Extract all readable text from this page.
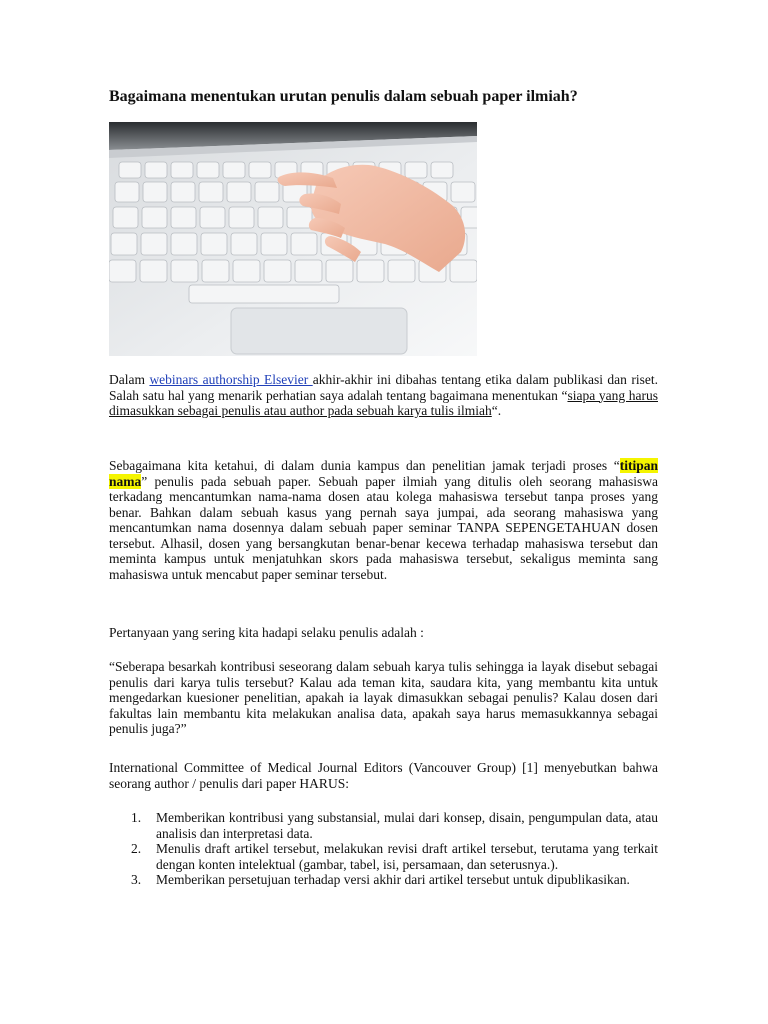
Bagaimana menentukan urutan penulis dalam sebuah paper ilmiah?

Dalam webinars authorship Elsevier akhir-akhir ini dibahas tentang etika dalam publikasi dan riset. Salah satu hal yang menarik perhatian saya adalah tentang bagaimana menentukan “siapa yang harus dimasukkan sebagai penulis atau author pada sebuah karya tulis ilmiah“.

Sebagaimana kita ketahui, di dalam dunia kampus dan penelitian jamak terjadi proses “titipan nama” penulis pada sebuah paper. Sebuah paper ilmiah yang ditulis oleh seorang mahasiswa terkadang mencantumkan nama-nama dosen atau kolega mahasiswa tersebut tanpa proses yang benar. Bahkan dalam sebuah kasus yang pernah saya jumpai, ada seorang mahasiswa yang mencantumkan nama dosennya dalam sebuah paper seminar TANPA SEPENGETAHUAN dosen tersebut. Alhasil, dosen yang bersangkutan benar-benar kecewa terhadap mahasiswa tersebut dan meminta kampus untuk menjatuhkan skors pada mahasiswa tersebut, sekaligus meminta sang mahasiswa untuk mencabut paper seminar tersebut.

Pertanyaan yang sering kita hadapi selaku penulis adalah :

“Seberapa besarkah kontribusi seseorang dalam sebuah karya tulis sehingga ia layak disebut sebagai penulis dari karya tulis tersebut? Kalau ada teman kita, saudara kita, yang membantu kita untuk mengedarkan kuesioner penelitian, apakah ia layak dimasukkan sebagai penulis? Kalau dosen dari fakultas lain membantu kita melakukan analisa data, apakah saya harus memasukkannya sebagai penulis juga?”

International Committee of Medical Journal Editors (Vancouver Group) [1] menyebutkan bahwa seorang author / penulis dari paper HARUS:

1. Memberikan kontribusi yang substansial, mulai dari konsep, disain, pengumpulan data, atau analisis dan interpretasi data.
2. Menulis draft artikel tersebut, melakukan revisi draft artikel tersebut, terutama yang terkait dengan konten intelektual (gambar, tabel, isi, persamaan, dan seterusnya.).
3. Memberikan persetujuan terhadap versi akhir dari artikel tersebut untuk dipublikasikan.
